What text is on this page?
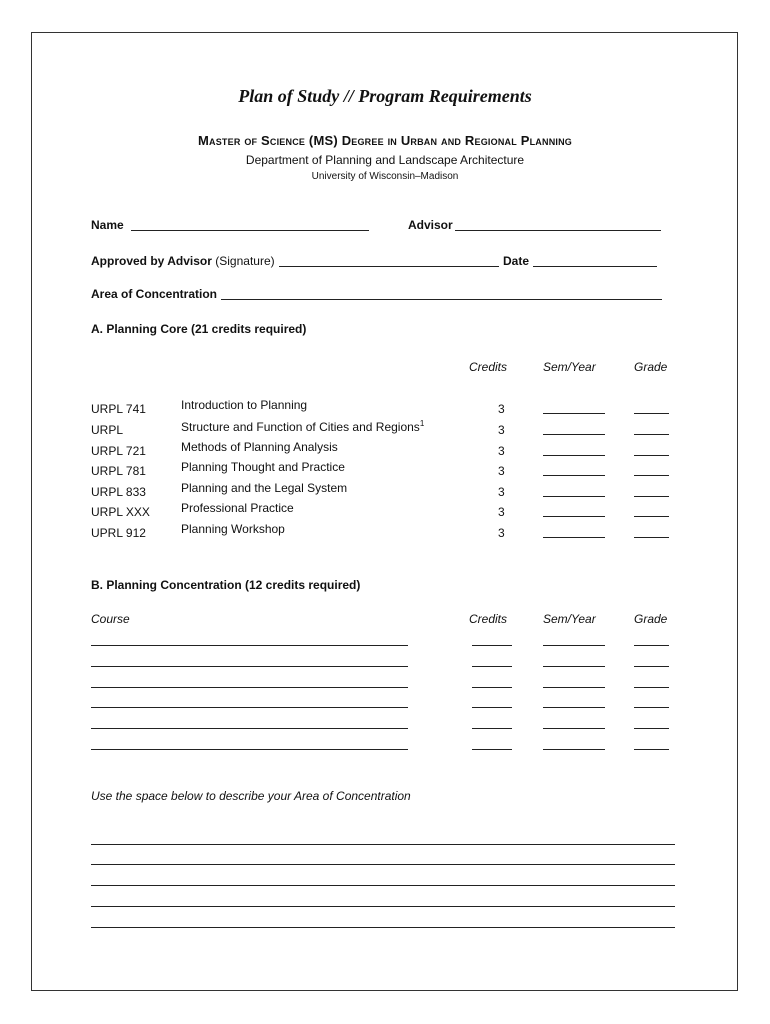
Plan of Study // Program Requirements
Master of Science (MS) Degree in Urban and Regional Planning
Department of Planning and Landscape Architecture
University of Wisconsin–Madison
Name	Advisor
Approved by Advisor (Signature)	Date
Area of Concentration
A. Planning Core (21 credits required)
Credits	Sem/Year	Grade
URPL 741	Introduction to Planning	3
URPL	Structure and Function of Cities and Regions$^1$	3
URPL 721	Methods of Planning Analysis	3
URPL 781	Planning Thought and Practice	3
URPL 833	Planning and the Legal System	3
URPL XXX	Professional Practice	3
UPRL 912	Planning Workshop	3
B. Planning Concentration (12 credits required)
Course	Credits	Sem/Year	Grade
Use the space below to describe your Area of Concentration
